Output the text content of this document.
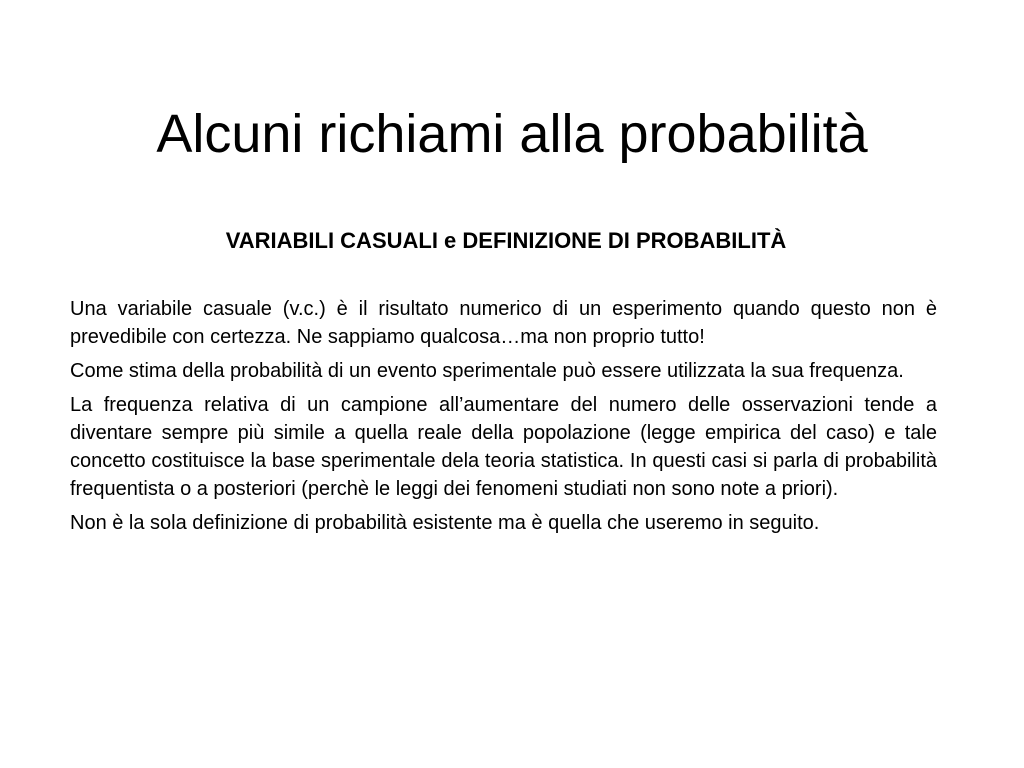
Alcuni richiami alla probabilità
VARIABILI CASUALI e DEFINIZIONE DI PROBABILITÀ

Una variabile casuale (v.c.) è il risultato numerico di un esperimento quando questo non è prevedibile con certezza. Ne sappiamo qualcosa…ma non proprio tutto!

Come stima della probabilità di un evento sperimentale può essere utilizzata la sua frequenza.

La frequenza relativa di un campione all’aumentare del numero delle osservazioni tende a diventare sempre più simile a quella reale della popolazione (legge empirica del caso) e tale concetto costituisce la base sperimentale dela teoria statistica. In questi casi si parla di probabilità frequentista o a posteriori (perchè le leggi dei fenomeni studiati non sono note a priori).

Non è la sola definizione di probabilità esistente ma è quella che useremo in seguito.
